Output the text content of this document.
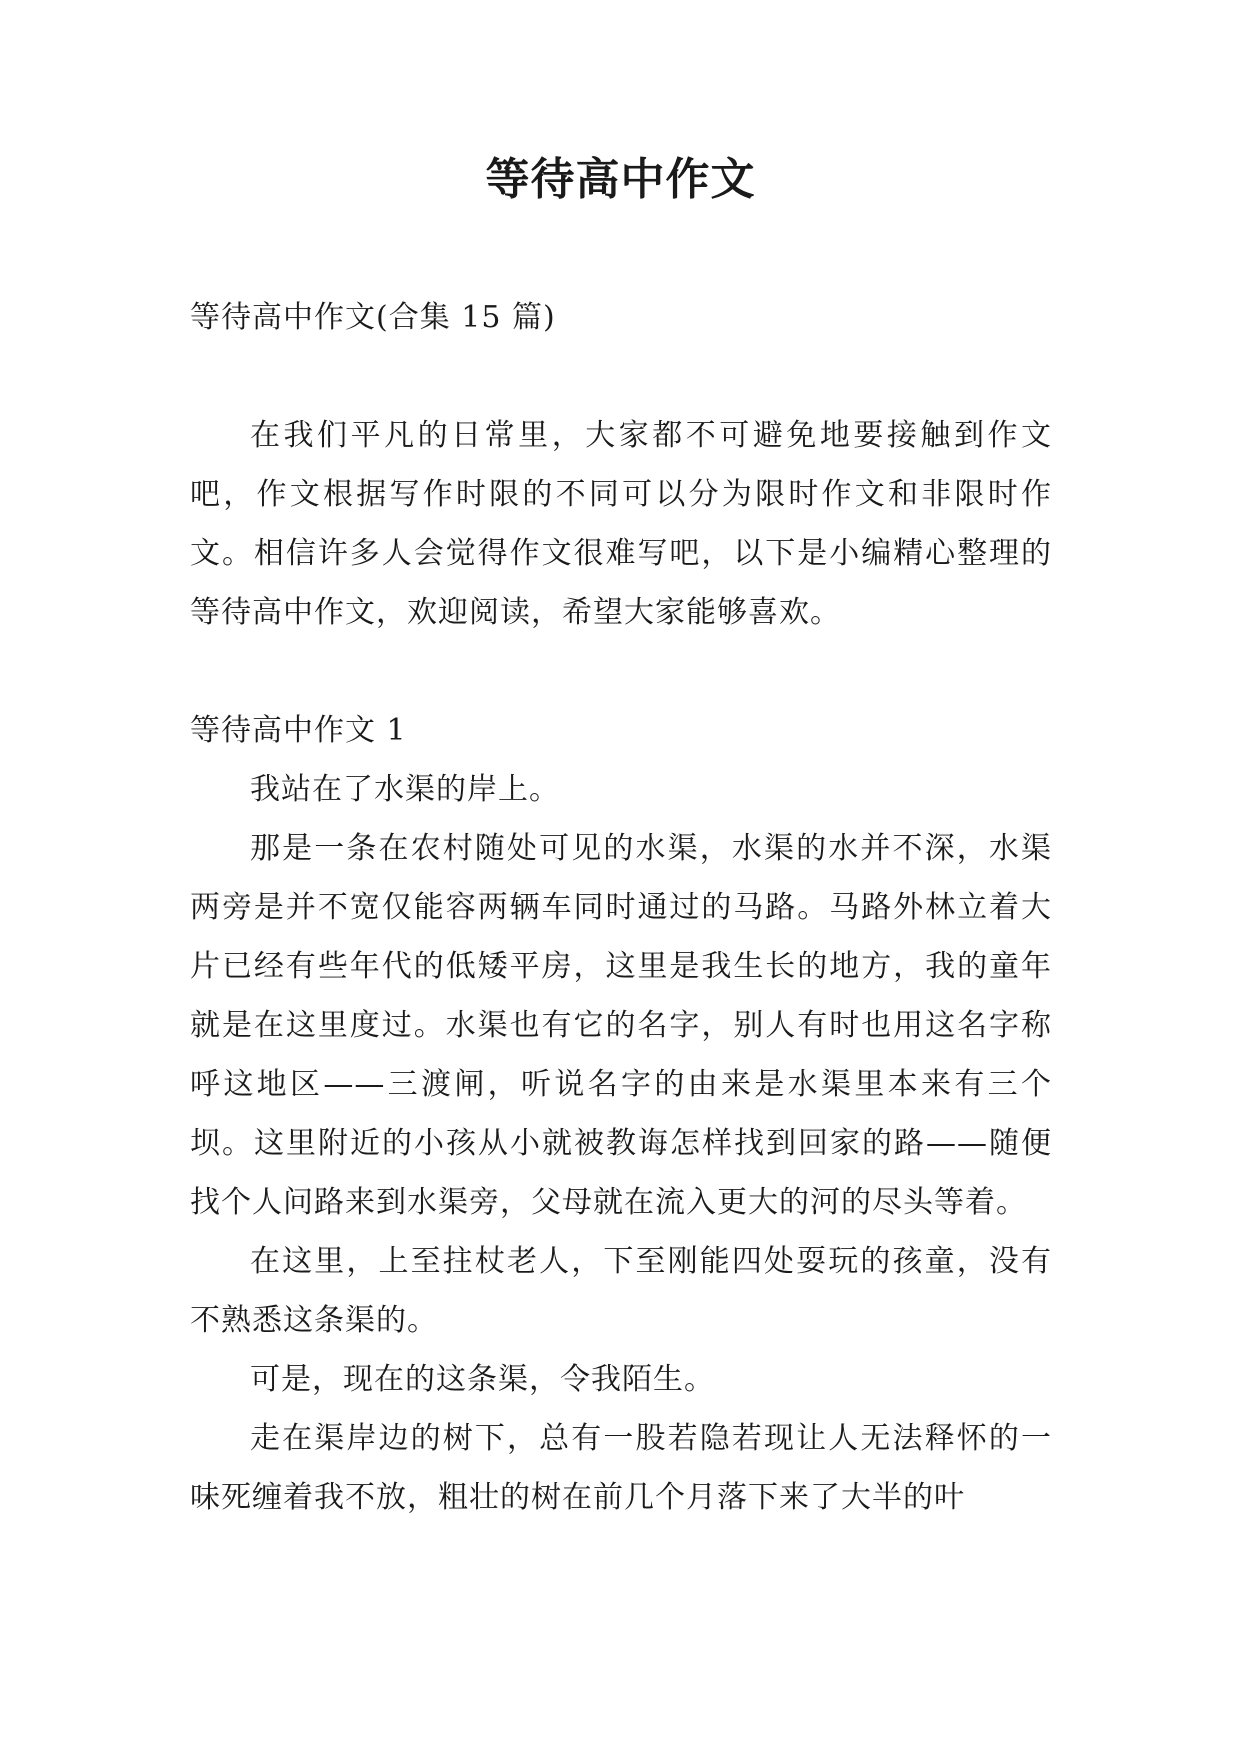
等待高中作文

等待高中作文(合集 15 篇)

在我们平凡的日常里，大家都不可避免地要接触到作文吧，作文根据写作时限的不同可以分为限时作文和非限时作文。相信许多人会觉得作文很难写吧，以下是小编精心整理的等待高中作文，欢迎阅读，希望大家能够喜欢。

等待高中作文 1

我站在了水渠的岸上。

那是一条在农村随处可见的水渠，水渠的水并不深，水渠两旁是并不宽仅能容两辆车同时通过的马路。马路外林立着大片已经有些年代的低矮平房，这里是我生长的地方，我的童年就是在这里度过。水渠也有它的名字，别人有时也用这名字称呼这地区——三渡闸，听说名字的由来是水渠里本来有三个坝。这里附近的小孩从小就被教诲怎样找到回家的路——随便找个人问路来到水渠旁，父母就在流入更大的河的尽头等着。

在这里，上至拄杖老人，下至刚能四处耍玩的孩童，没有不熟悉这条渠的。

可是，现在的这条渠，令我陌生。

走在渠岸边的树下，总有一股若隐若现让人无法释怀的一味死缠着我不放，粗壮的树在前几个月落下来了大半的叶
